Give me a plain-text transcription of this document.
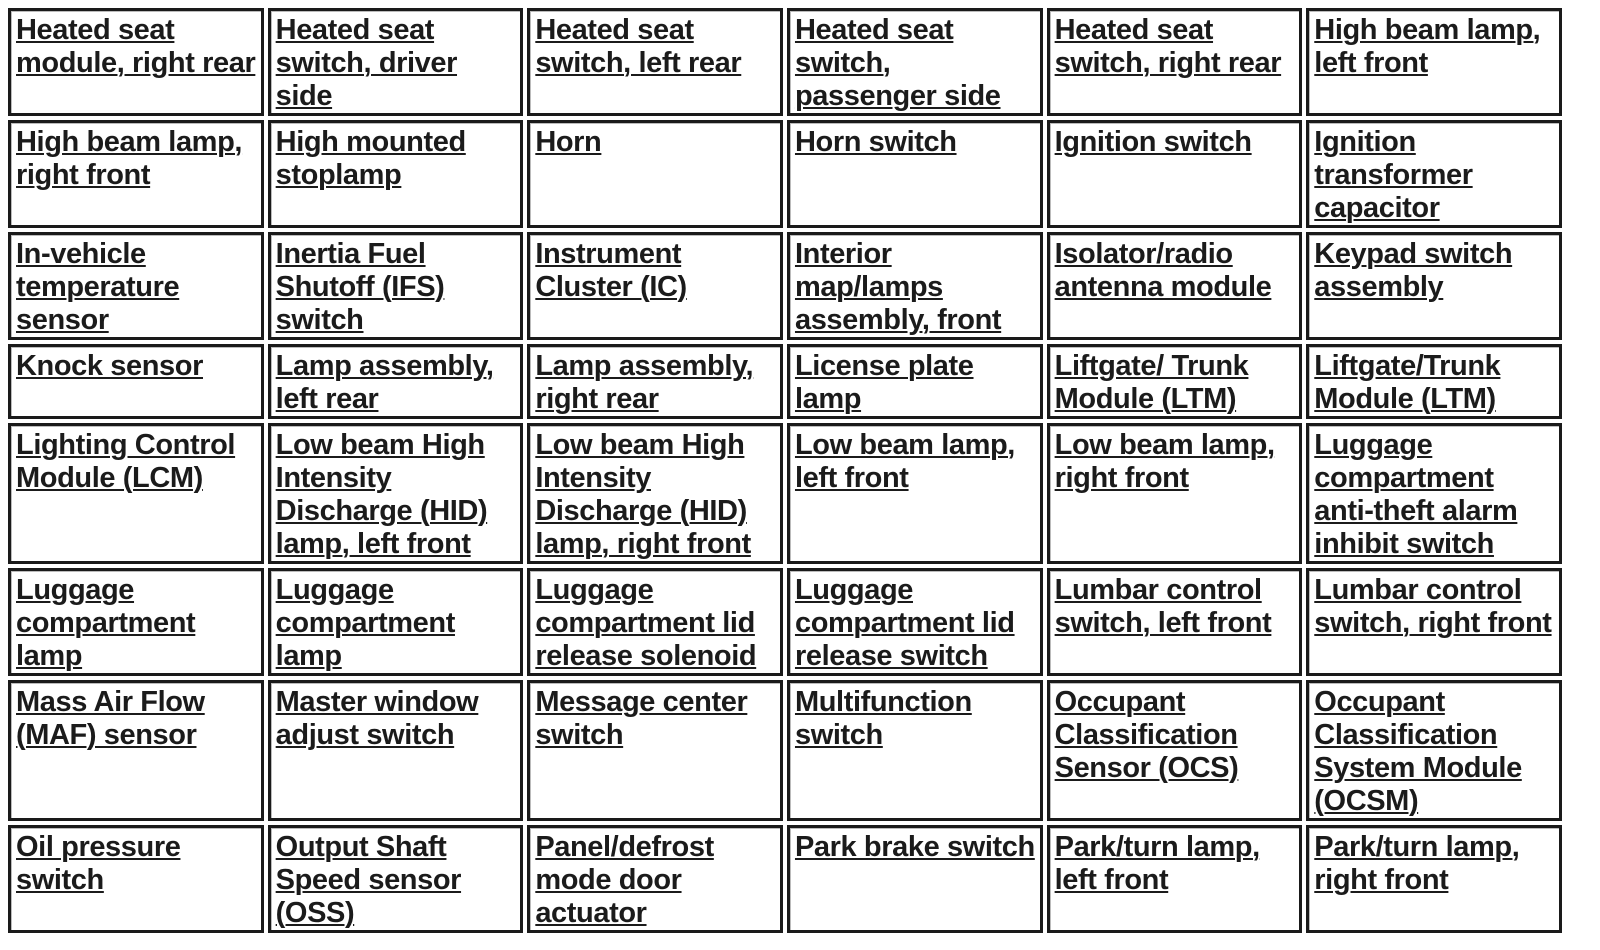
Heated seat module, right rear	Heated seat switch, driver side	Heated seat switch, left rear	Heated seat switch, passenger side	Heated seat switch, right rear	High beam lamp, left front
High beam lamp, right front	High mounted stoplamp	Horn	Horn switch	Ignition switch	Ignition transformer capacitor
In-vehicle temperature sensor	Inertia Fuel Shutoff (IFS) switch	Instrument Cluster (IC)	Interior map/lamps assembly, front	Isolator/radio antenna module	Keypad switch assembly
Knock sensor	Lamp assembly, left rear	Lamp assembly, right rear	License plate lamp	Liftgate/ Trunk Module (LTM)	Liftgate/Trunk Module (LTM)
Lighting Control Module (LCM)	Low beam High Intensity Discharge (HID) lamp, left front	Low beam High Intensity Discharge (HID) lamp, right front	Low beam lamp, left front	Low beam lamp, right front	Luggage compartment anti-theft alarm inhibit switch
Luggage compartment lamp	Luggage compartment lamp	Luggage compartment lid release solenoid	Luggage compartment lid release switch	Lumbar control switch, left front	Lumbar control switch, right front
Mass Air Flow (MAF) sensor	Master window adjust switch	Message center switch	Multifunction switch	Occupant Classification Sensor (OCS)	Occupant Classification System Module (OCSM)
Oil pressure switch	Output Shaft Speed sensor (OSS)	Panel/defrost mode door actuator	Park brake switch	Park/turn lamp, left front	Park/turn lamp, right front
